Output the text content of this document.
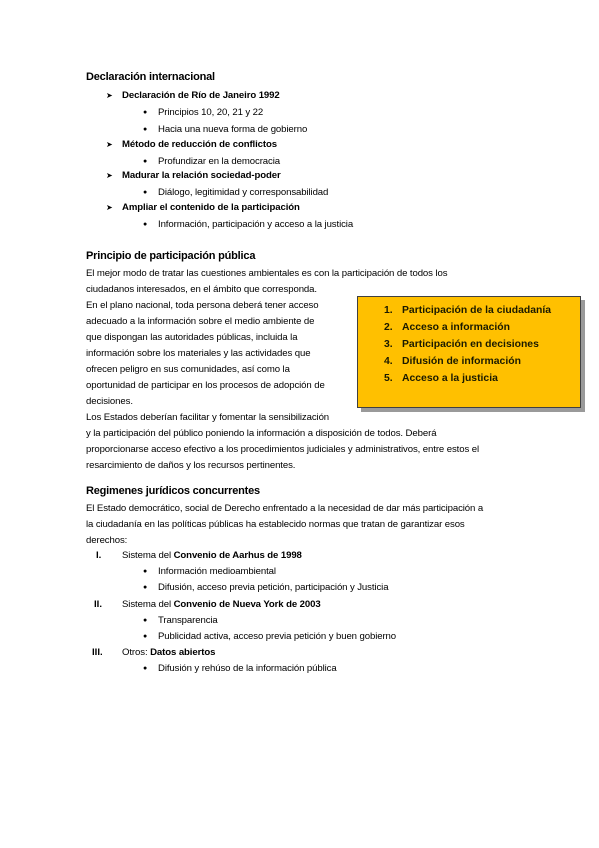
Declaración internacional
➤ Declaración de Río de Janeiro 1992
● Principios 10, 20, 21 y 22
● Hacia una nueva forma de gobierno
➤ Método de reducción de conflictos
● Profundizar en la democracia
➤ Madurar la relación sociedad-poder
● Diálogo, legitimidad y corresponsabilidad
➤ Ampliar el contenido de la participación
● Información, participación y acceso a la justicia
Principio de participación pública
El mejor modo de tratar las cuestiones ambientales es con la participación de todos los
ciudadanos interesados, en el ámbito que corresponda.
En el plano nacional, toda persona deberá tener acceso
adecuado a la información sobre el medio ambiente de
que dispongan las autoridades públicas, incluida la
información sobre los materiales y las actividades que
ofrecen peligro en sus comunidades, así como la
oportunidad de participar en los procesos de adopción de
decisiones.
Los Estados deberían facilitar y fomentar la sensibilización
y la participación del público poniendo la información a disposición de todos. Deberá
proporcionarse acceso efectivo a los procedimientos judiciales y administrativos, entre estos el
resarcimiento de daños y los recursos pertinentes.
1. Participación de la ciudadanía
2. Acceso a información
3. Participación en decisiones
4. Difusión de información
5. Acceso a la justicia
Regimenes jurídicos concurrentes
El Estado democrático, social de Derecho enfrentado a la necesidad de dar más participación a
la ciudadanía en las políticas públicas ha establecido normas que tratan de garantizar esos
derechos:
I. Sistema del Convenio de Aarhus de 1998
● Información medioambiental
● Difusión, acceso previa petición, participación y Justicia
II. Sistema del Convenio de Nueva York de 2003
● Transparencia
● Publicidad activa, acceso previa petición y buen gobierno
III. Otros: Datos abiertos
● Difusión y rehúso de la información pública
